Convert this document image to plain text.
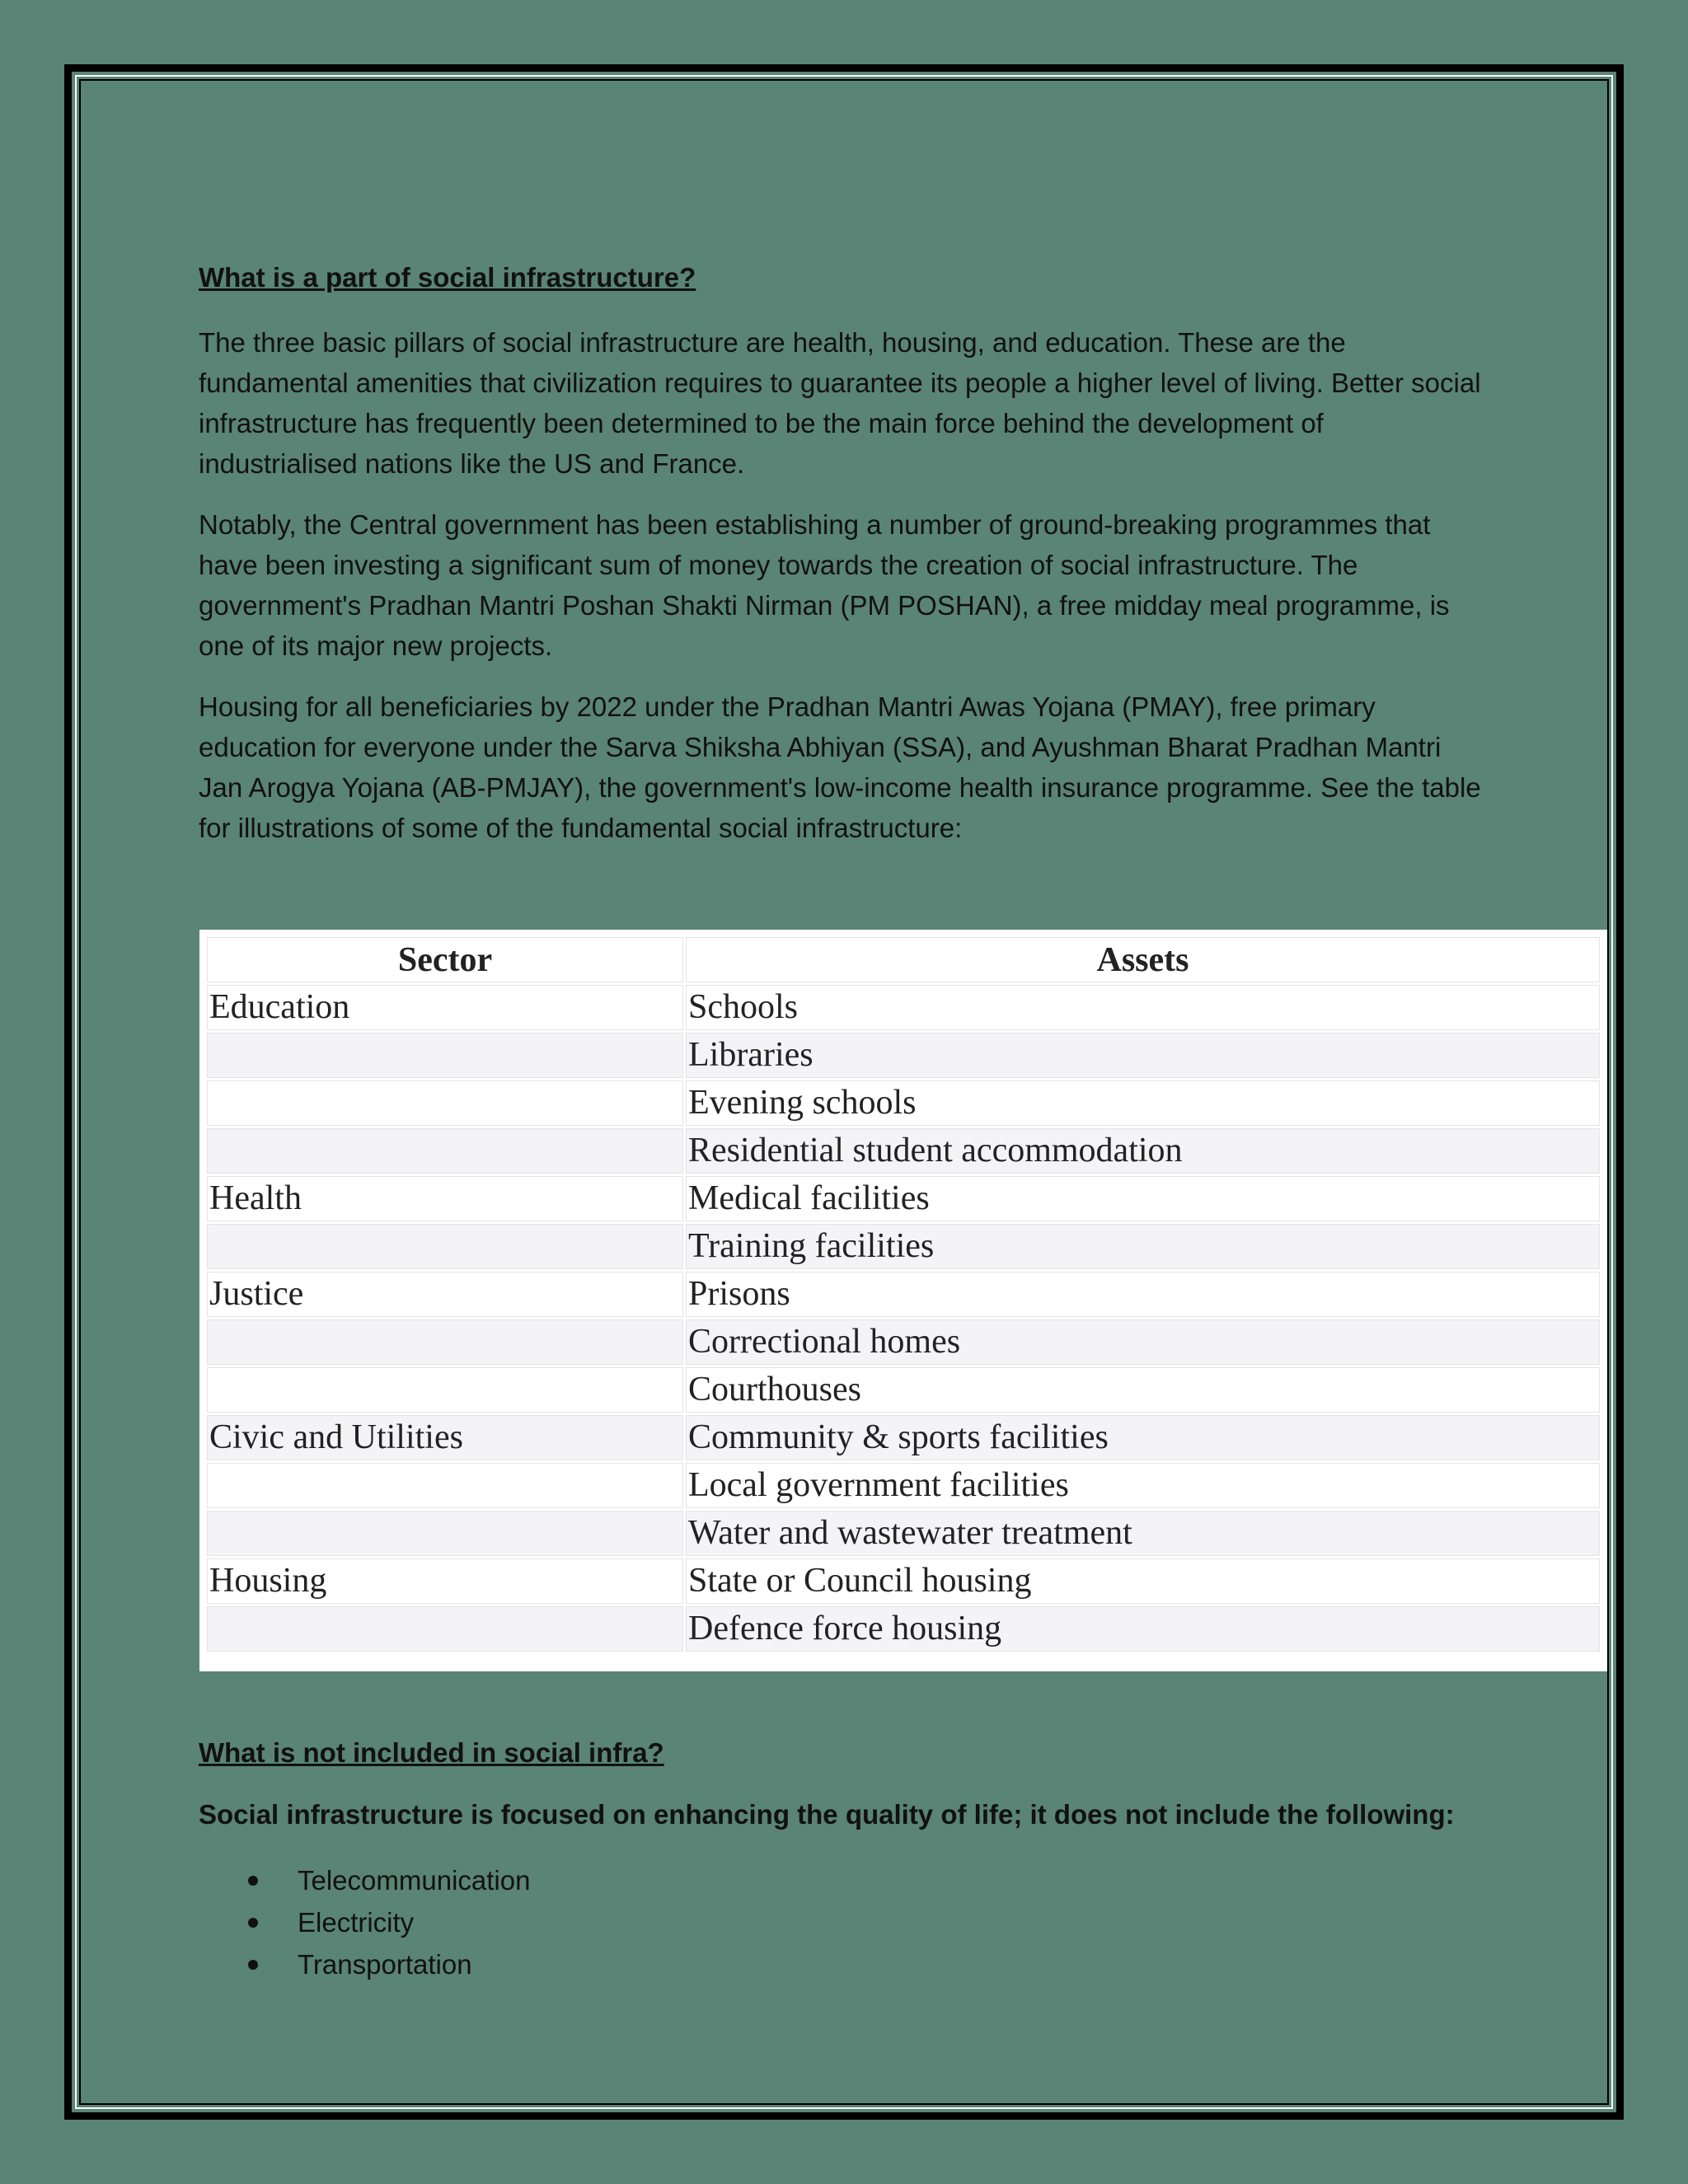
What is a part of social infrastructure?

The three basic pillars of social infrastructure are health, housing, and education. These are the fundamental amenities that civilization requires to guarantee its people a higher level of living. Better social infrastructure has frequently been determined to be the main force behind the development of industrialised nations like the US and France.

Notably, the Central government has been establishing a number of ground-breaking programmes that have been investing a significant sum of money towards the creation of social infrastructure. The government's Pradhan Mantri Poshan Shakti Nirman (PM POSHAN), a free midday meal programme, is one of its major new projects.

Housing for all beneficiaries by 2022 under the Pradhan Mantri Awas Yojana (PMAY), free primary education for everyone under the Sarva Shiksha Abhiyan (SSA), and Ayushman Bharat Pradhan Mantri Jan Arogya Yojana (AB-PMJAY), the government's low-income health insurance programme. See the table for illustrations of some of the fundamental social infrastructure:

Sector	Assets
Education	Schools
	Libraries
	Evening schools
	Residential student accommodation
Health	Medical facilities
	Training facilities
Justice	Prisons
	Correctional homes
	Courthouses
Civic and Utilities	Community & sports facilities
	Local government facilities
	Water and wastewater treatment
Housing	State or Council housing
	Defence force housing
What is not included in social infra?

Social infrastructure is focused on enhancing the quality of life; it does not include the following:

Telecommunication
Electricity
Transportation
